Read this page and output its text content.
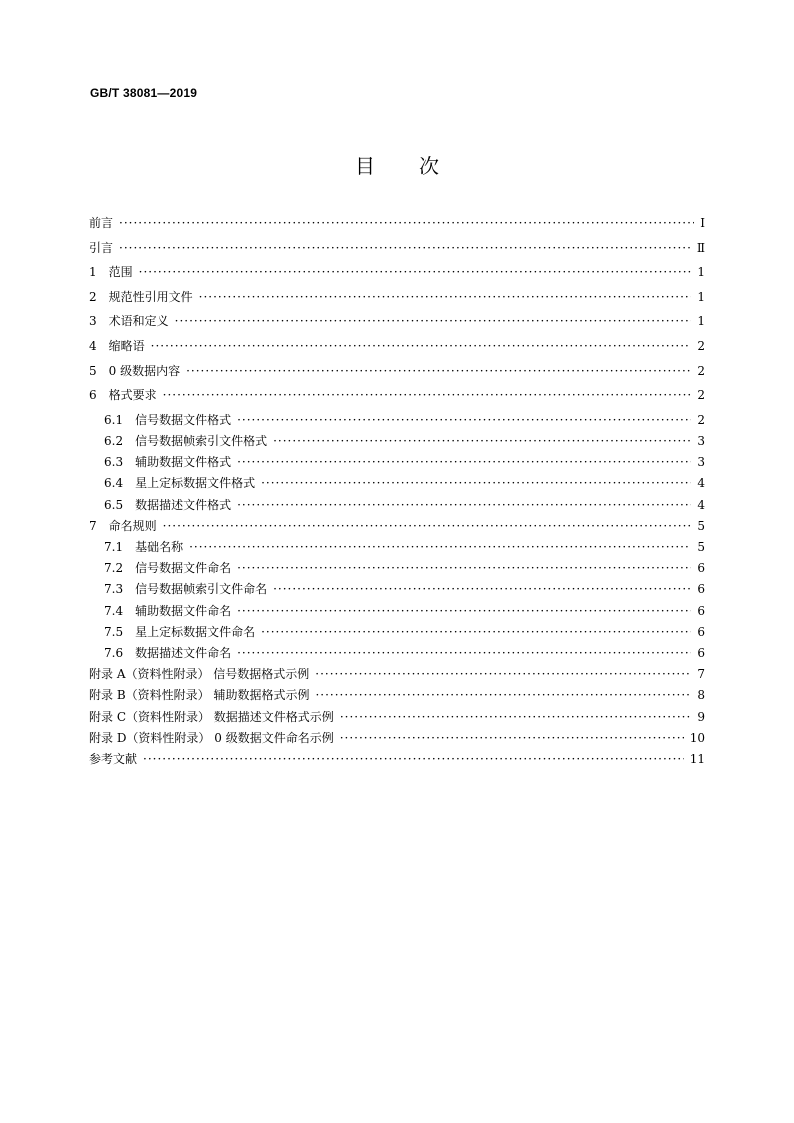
GB/T 38081—2019
目次
前言 ·····	Ⅰ
引言 ·····	Ⅱ
1 范围 ·····	1
2 规范性引用文件 ·····	1
3 术语和定义 ·····	1
4 缩略语 ·····	2
5 0 级数据内容 ·····	2
6 格式要求 ·····	2
6.1 信号数据文件格式 ·····	2
6.2 信号数据帧索引文件格式 ·····	3
6.3 辅助数据文件格式 ·····	3
6.4 星上定标数据文件格式 ·····	4
6.5 数据描述文件格式 ·····	4
7 命名规则 ·····	5
7.1 基础名称 ·····	5
7.2 信号数据文件命名 ·····	6
7.3 信号数据帧索引文件命名 ·····	6
7.4 辅助数据文件命名 ·····	6
7.5 星上定标数据文件命名 ·····	6
7.6 数据描述文件命名 ·····	6
附录 A（资料性附录） 信号数据格式示例 ·····	7
附录 B（资料性附录） 辅助数据格式示例 ·····	8
附录 C（资料性附录） 数据描述文件格式示例 ·····	9
附录 D（资料性附录） 0 级数据文件命名示例 ·····	10
参考文献 ·····	11
